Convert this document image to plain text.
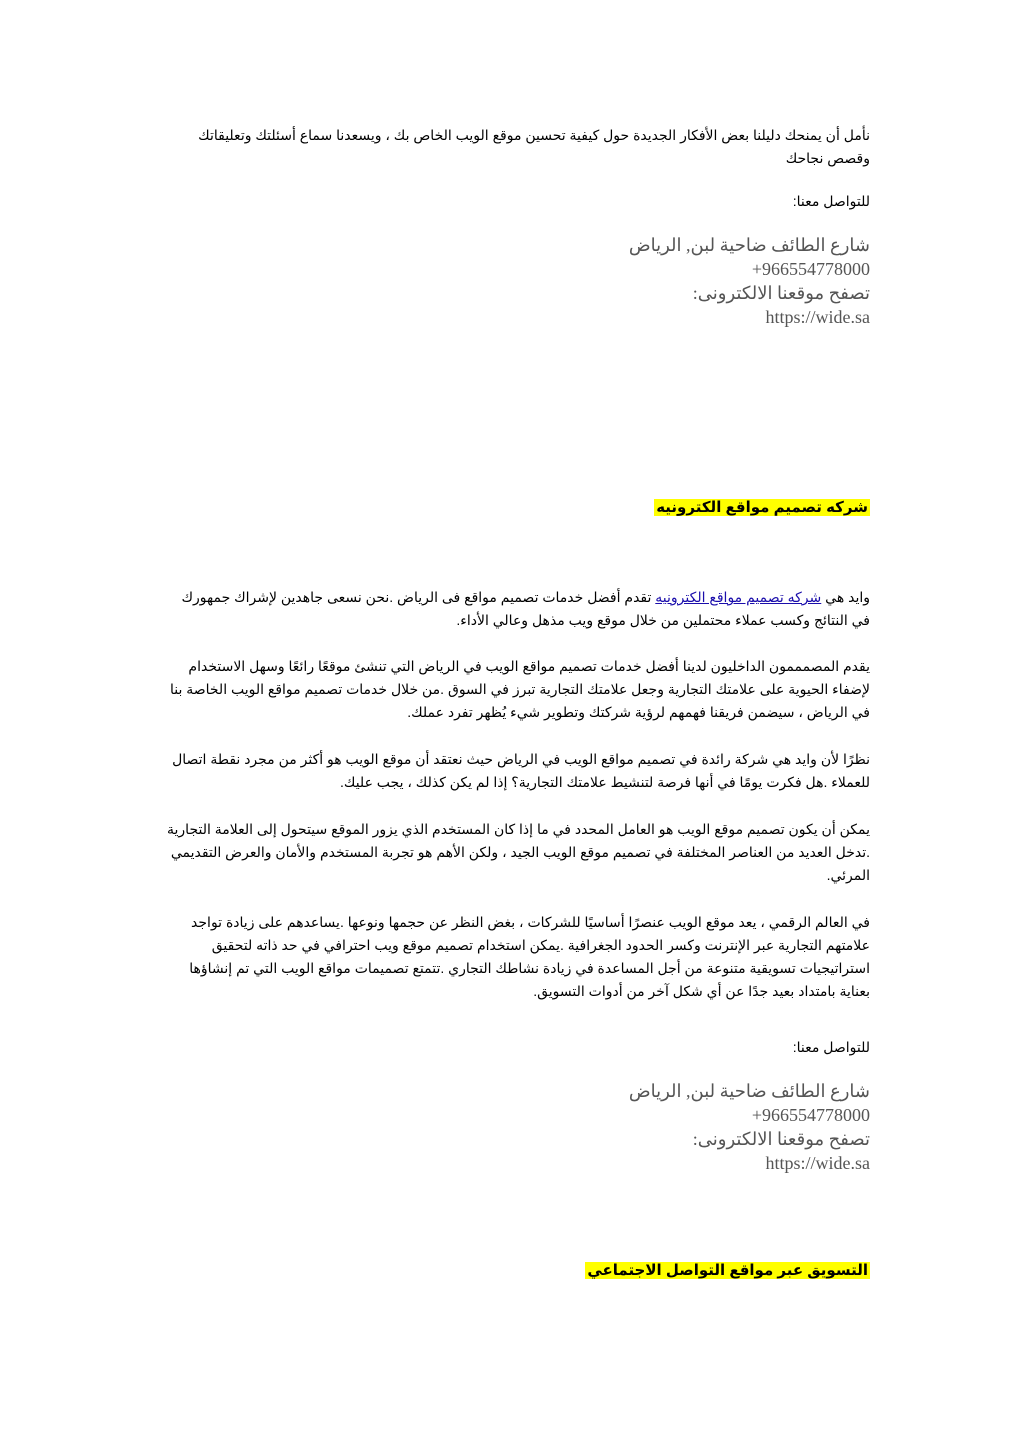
نأمل أن يمنحك دليلنا بعض الأفكار الجديدة حول كيفية تحسين موقع الويب الخاص بك ، ويسعدنا سماع أسئلتك وتعليقاتك وقصص نجاحك

للتواصل معنا:

شارع الطائف ضاحية لبن, الرياض
+966554778000
تصفح موقعنا الالكترونى:
https://wide.sa
شركه تصميم مواقع الكترونيه

وايد هي شركه تصميم مواقع الكترونيه تقدم أفضل خدمات تصميم مواقع فى الرياض .نحن نسعى جاهدين لإشراك جمهورك في النتائج وكسب عملاء محتملين من خلال موقع ويب مذهل وعالي الأداء.

يقدم المصمممون الداخليون لدينا أفضل خدمات تصميم مواقع الويب في الرياض التي تنشئ موقعًا رائعًا وسهل الاستخدام لإضفاء الحيوية على علامتك التجارية وجعل علامتك التجارية تبرز في السوق .من خلال خدمات تصميم مواقع الويب الخاصة بنا في الرياض ، سيضمن فريقنا فهمهم لرؤية شركتك وتطوير شيء يُظهر تفرد عملك.

نظرًا لأن وايد هي شركة رائدة في تصميم مواقع الويب في الرياض حيث نعتقد أن موقع الويب هو أكثر من مجرد نقطة اتصال للعملاء .هل فكرت يومًا في أنها فرصة لتنشيط علامتك التجارية؟ إذا لم يكن كذلك ، يجب عليك.

يمكن أن يكون تصميم موقع الويب هو العامل المحدد في ما إذا كان المستخدم الذي يزور الموقع سيتحول إلى العلامة التجارية .تدخل العديد من العناصر المختلفة في تصميم موقع الويب الجيد ، ولكن الأهم هو تجربة المستخدم والأمان والعرض التقديمي المرئي.

في العالم الرقمي ، يعد موقع الويب عنصرًا أساسيًا للشركات ، بغض النظر عن حجمها ونوعها .يساعدهم على زيادة تواجد علامتهم التجارية عبر الإنترنت وكسر الحدود الجغرافية .يمكن استخدام تصميم موقع ويب احترافي في حد ذاته لتحقيق استراتيجيات تسويقية متنوعة من أجل المساعدة في زيادة نشاطك التجاري .تتمتع تصميمات مواقع الويب التي تم إنشاؤها بعناية بامتداد بعيد جدًا عن أي شكل آخر من أدوات التسويق.

للتواصل معنا:

شارع الطائف ضاحية لبن, الرياض
+966554778000
تصفح موقعنا الالكترونى:
https://wide.sa
التسويق عبر مواقع التواصل الاجتماعي
